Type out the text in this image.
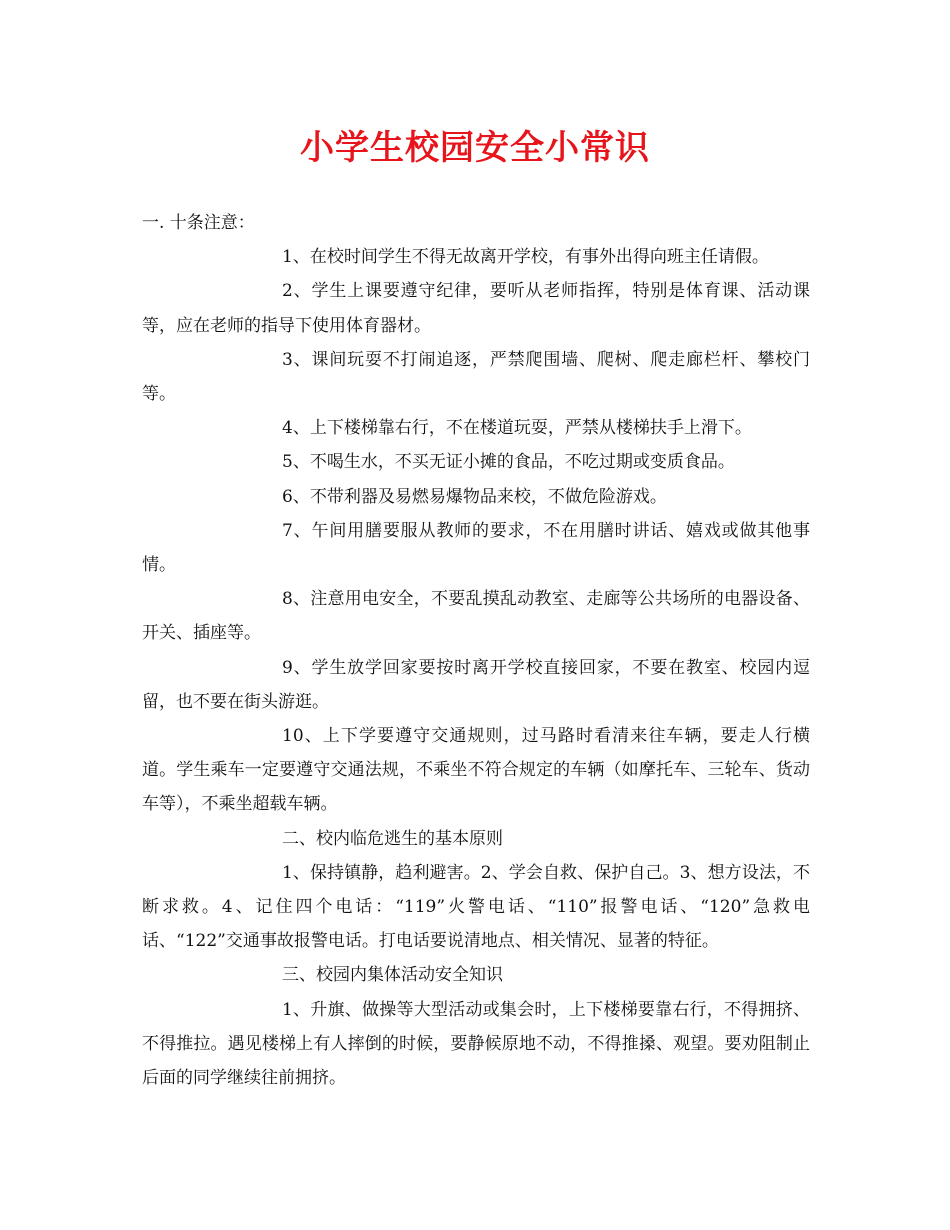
小学生校园安全小常识

一. 十条注意：

1、在校时间学生不得无故离开学校，有事外出得向班主任请假。

2、学生上课要遵守纪律，要听从老师指挥，特别是体育课、活动课等，应在老师的指导下使用体育器材。

3、课间玩耍不打闹追逐，严禁爬围墙、爬树、爬走廊栏杆、攀校门等。

4、上下楼梯靠右行，不在楼道玩耍，严禁从楼梯扶手上滑下。

5、不喝生水，不买无证小摊的食品，不吃过期或变质食品。

6、不带利器及易燃易爆物品来校，不做危险游戏。

7、午间用膳要服从教师的要求，不在用膳时讲话、嬉戏或做其他事情。

8、注意用电安全，不要乱摸乱动教室、走廊等公共场所的电器设备、开关、插座等。

9、学生放学回家要按时离开学校直接回家，不要在教室、校园内逗留，也不要在街头游逛。

10、上下学要遵守交通规则，过马路时看清来往车辆，要走人行横道。学生乘车一定要遵守交通法规，不乘坐不符合规定的车辆（如摩托车、三轮车、货动车等），不乘坐超载车辆。

二、校内临危逃生的基本原则

1、保持镇静，趋利避害。2、学会自救、保护自己。3、想方设法，不断求救。4、记住四个电话：“119”火警电话、“110”报警电话、“120”急救电话、“122”交通事故报警电话。打电话要说清地点、相关情况、显著的特征。

三、校园内集体活动安全知识

1、升旗、做操等大型活动或集会时，上下楼梯要靠右行，不得拥挤、不得推拉。遇见楼梯上有人摔倒的时候，要静候原地不动，不得推搡、观望。要劝阻制止后面的同学继续往前拥挤。
